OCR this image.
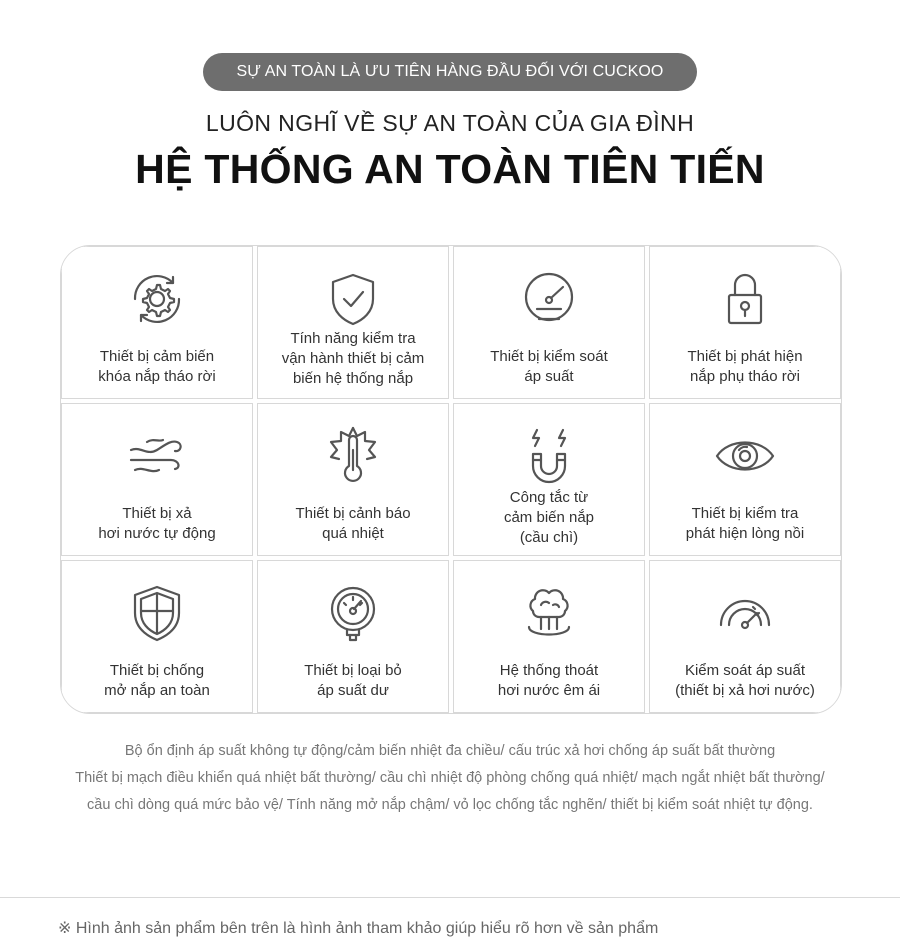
SỰ AN TOÀN LÀ ƯU TIÊN HÀNG ĐẦU ĐỐI VỚI CUCKOO
LUÔN NGHĨ VỀ SỰ AN TOÀN CỦA GIA ĐÌNH
HỆ THỐNG AN TOÀN TIÊN TIẾN
Thiết bị cảm biến
khóa nắp tháo rời
Tính năng kiểm tra
vận hành thiết bị cảm
biến hệ thống nắp
Thiết bị kiểm soát
áp suất
Thiết bị phát hiện
nắp phụ tháo rời
Thiết bị xả
hơi nước tự động
Thiết bị cảnh báo
quá nhiệt
Công tắc từ
cảm biến nắp
(cầu chì)
Thiết bị kiểm tra
phát hiện lòng nồi
Thiết bị chống
mở nắp an toàn
Thiết bị loại bỏ
áp suất dư
Hệ thống thoát
hơi nước êm ái
Kiểm soát áp suất
(thiết bị xả hơi nước)
Bộ ổn định áp suất không tự động/cảm biến nhiệt đa chiều/ cấu trúc xả hơi chống áp suất bất thường
Thiết bị mạch điều khiển quá nhiệt bất thường/ cầu chì nhiệt độ phòng chống quá nhiệt/ mạch ngắt nhiệt bất thường/
cầu chì dòng quá mức bảo vệ/ Tính năng mở nắp chậm/ vỏ lọc chống tắc nghẽn/ thiết bị kiểm soát nhiệt tự động.
※ Hình ảnh sản phẩm bên trên là hình ảnh tham khảo giúp hiểu rõ hơn về sản phẩm
